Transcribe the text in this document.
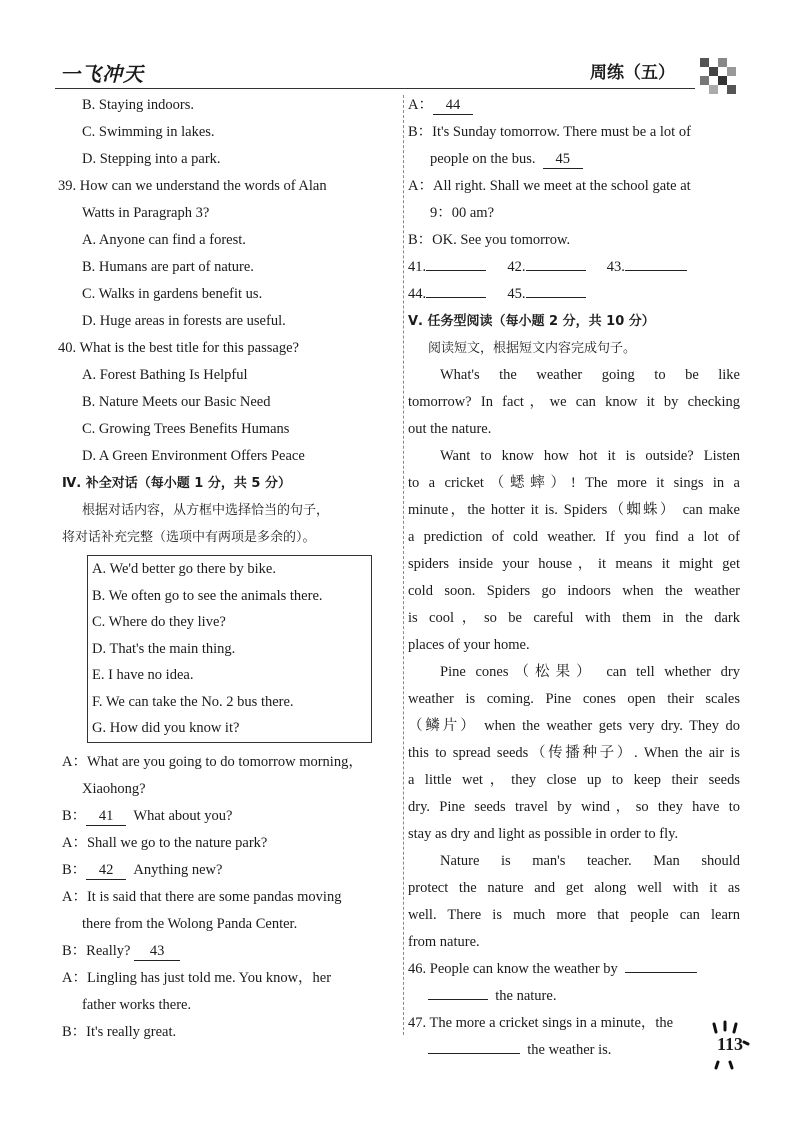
一飞冲天	周练（五）
B. Staying indoors.
C. Swimming in lakes.
D. Stepping into a park.
39. How can we understand the words of Alan
Watts in Paragraph 3?
A. Anyone can find a forest.
B. Humans are part of nature.
C. Walks in gardens benefit us.
D. Huge areas in forests are useful.
40. What is the best title for this passage?
A. Forest Bathing Is Helpful
B. Nature Meets our Basic Need
C. Growing Trees Benefits Humans
D. A Green Environment Offers Peace
Ⅳ. 补全对话（每小题 1 分，共 5 分）
根据对话内容，从方框中选择恰当的句子，
将对话补充完整（选项中有两项是多余的）。
A. We'd better go there by bike.
B. We often go to see the animals there.
C. Where do they live?
D. That's the main thing.
E. I have no idea.
F. We can take the No. 2 bus there.
G. How did you know it?
A：What are you going to do tomorrow morning，
Xiaohong?
B： 41 What about you?
A：Shall we go to the nature park?
B： 42 Anything new?
A：It is said that there are some pandas moving
there from the Wolong Panda Center.
B：Really? 43
A：Lingling has just told me. You know，her
father works there.
B：It's really great.
A： 44
B：It's Sunday tomorrow. There must be a lot of
people on the bus. 45
A：All right. Shall we meet at the school gate at
9：00 am?
B：OK. See you tomorrow.
41.	42.	43.
44.	45.
Ⅴ. 任务型阅读（每小题 2 分，共 10 分）
阅读短文，根据短文内容完成句子。
What's the weather going to be like
tomorrow? In fact，we can know it by checking
out the nature.
Want to know how hot it is outside? Listen
to a cricket（蟋蟀）! The more it sings in a
minute，the hotter it is. Spiders（蜘蛛） can make
a prediction of cold weather. If you find a lot of
spiders inside your house，it means it might get
cold soon. Spiders go indoors when the weather
is cool，so be careful with them in the dark
places of your home.
Pine cones（松果） can tell whether dry
weather is coming. Pine cones open their scales
（鳞片） when the weather gets very dry. They do
this to spread seeds（传播种子）. When the air is
a little wet，they close up to keep their seeds
dry. Pine seeds travel by wind，so they have to
stay as dry and light as possible in order to fly.
Nature is man's teacher. Man should
protect the nature and get along well with it as
well. There is much more that people can learn
from nature.
46. People can know the weather by
the nature.
47. The more a cricket sings in a minute，the
the weather is.	113
